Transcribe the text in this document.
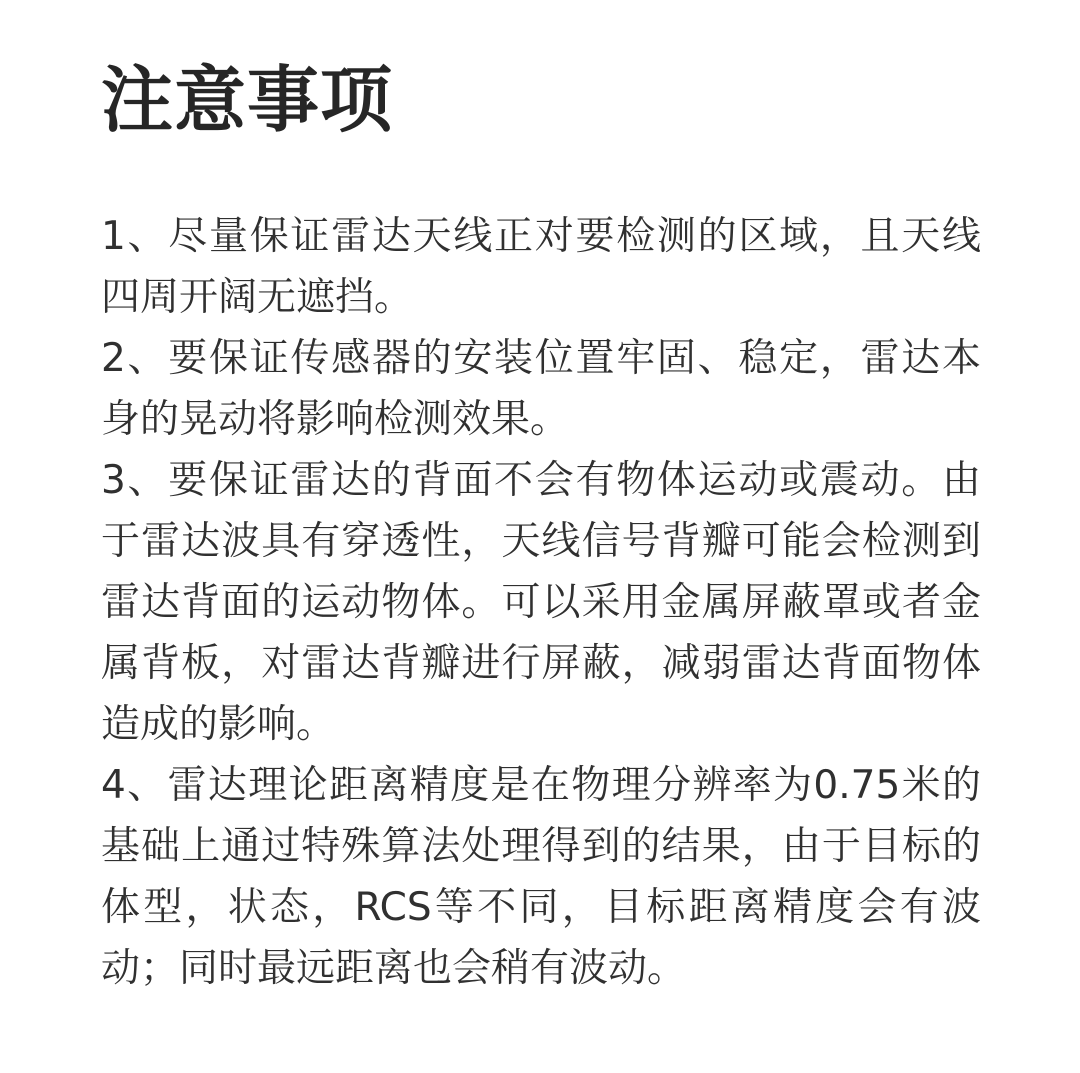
注意事项
1、尽量保证雷达天线正对要检测的区域，且天线四周开阔无遮挡。
2、要保证传感器的安装位置牢固、稳定，雷达本身的晃动将影响检测效果。
3、要保证雷达的背面不会有物体运动或震动。由于雷达波具有穿透性，天线信号背瓣可能会检测到雷达背面的运动物体。可以采用金属屏蔽罩或者金属背板，对雷达背瓣进行屏蔽，减弱雷达背面物体造成的影响。
4、雷达理论距离精度是在物理分辨率为0.75米的基础上通过特殊算法处理得到的结果，由于目标的体型，状态，RCS等不同，目标距离精度会有波动；同时最远距离也会稍有波动。
